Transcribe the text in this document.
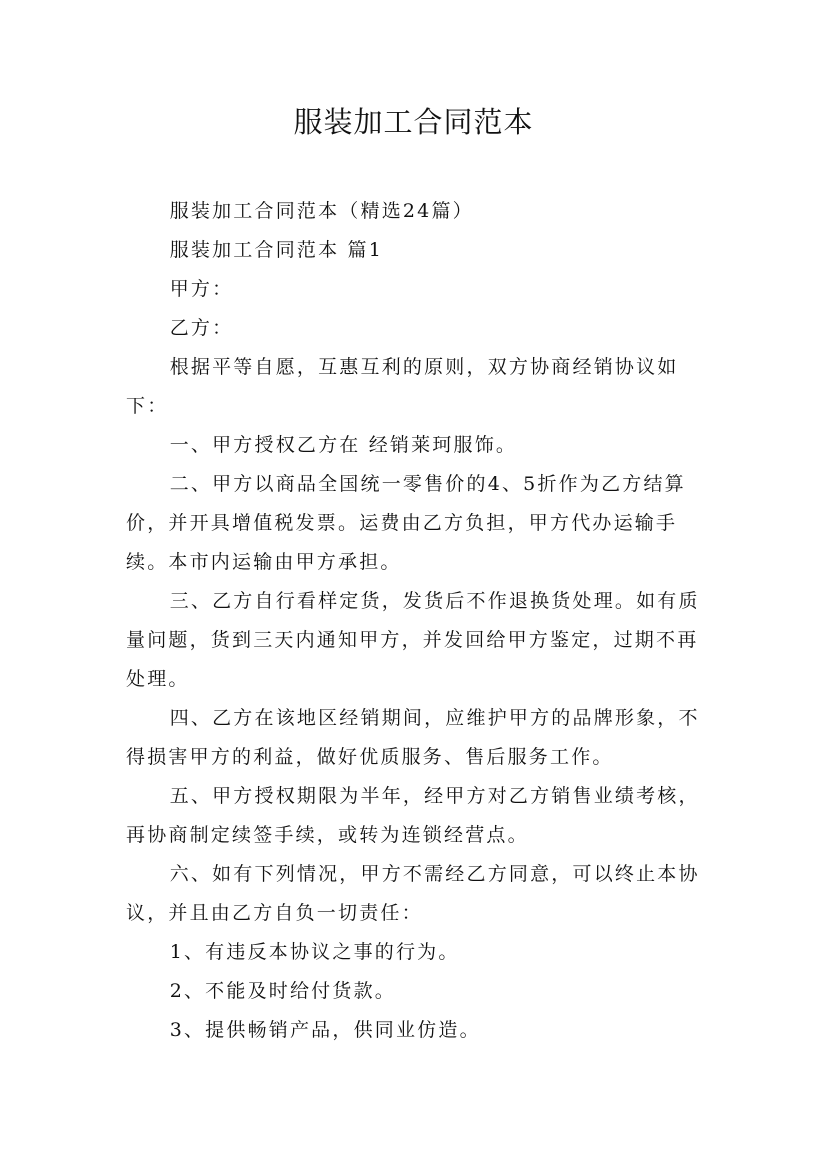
服装加工合同范本

服装加工合同范本（精选24篇）

服装加工合同范本 篇1

甲方：

乙方：

根据平等自愿，互惠互利的原则，双方协商经销协议如下：

一、甲方授权乙方在 经销莱珂服饰。

二、甲方以商品全国统一零售价的4、5折作为乙方结算价，并开具增值税发票。运费由乙方负担，甲方代办运输手续。本市内运输由甲方承担。

三、乙方自行看样定货，发货后不作退换货处理。如有质量问题，货到三天内通知甲方，并发回给甲方鉴定，过期不再处理。

四、乙方在该地区经销期间，应维护甲方的品牌形象，不得损害甲方的利益，做好优质服务、售后服务工作。

五、甲方授权期限为半年，经甲方对乙方销售业绩考核，再协商制定续签手续，或转为连锁经营点。

六、如有下列情况，甲方不需经乙方同意，可以终止本协议，并且由乙方自负一切责任：

1、有违反本协议之事的行为。

2、不能及时给付货款。

3、提供畅销产品，供同业仿造。
